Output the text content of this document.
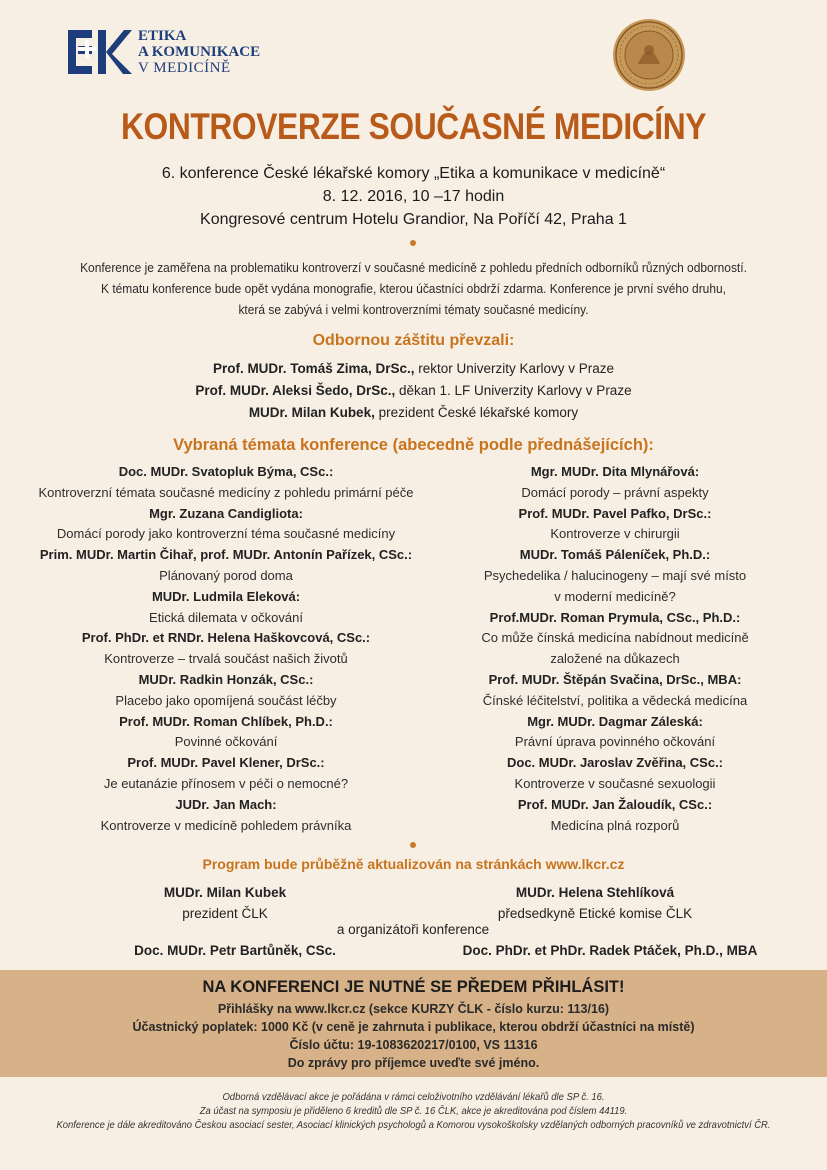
ETIKA
A KOMUNIKACE
V MEDICÍNĚ
KONTROVERZE SOUČASNÉ MEDICÍNY
6. konference České lékařské komory „Etika a komunikace v medicíně“
8. 12. 2016, 10 –17 hodin
Kongresové centrum Hotelu Grandior, Na Poříčí 42, Praha 1
Konference je zaměřena na problematiku kontroverzí v současné medicíně z pohledu předních odborníků různých odborností.
K tématu konference bude opět vydána monografie, kterou účastníci obdrží zdarma. Konference je první svého druhu,
která se zabývá i velmi kontroverzními tématy současné medicíny.
Odbornou záštitu převzali:
Prof. MUDr. Tomáš Zima, DrSc., rektor Univerzity Karlovy v Praze
Prof. MUDr. Aleksi Šedo, DrSc., děkan 1. LF Univerzity Karlovy v Praze
MUDr. Milan Kubek, prezident České lékařské komory
Vybraná témata konference (abecedně podle přednášejících):
Doc. MUDr. Svatopluk Býma, CSc.:
Kontroverzní témata současné medicíny z pohledu primární péče
Mgr. Zuzana Candigliota:
Domácí porody jako kontroverzní téma současné medicíny
Prim. MUDr. Martin Čihař, prof. MUDr. Antonín Pařízek, CSc.:
Plánovaný porod doma
MUDr. Ludmila Eleková:
Etická dilemata v očkování
Prof. PhDr. et RNDr. Helena Haškovcová, CSc.:
Kontroverze – trvalá součást našich životů
MUDr. Radkin Honzák, CSc.:
Placebo jako opomíjená součást léčby
Prof. MUDr. Roman Chlíbek, Ph.D.:
Povinné očkování
Prof. MUDr. Pavel Klener, DrSc.:
Je eutanázie přínosem v péči o nemocné?
JUDr. Jan Mach:
Kontroverze v medicíně pohledem právníka
Mgr. MUDr. Dita Mlynářová:
Domácí porody – právní aspekty
Prof. MUDr. Pavel Pafko, DrSc.:
Kontroverze v chirurgii
MUDr. Tomáš Páleníček, Ph.D.:
Psychedelika / halucinogeny – mají své místo
v moderní medicíně?
Prof.MUDr. Roman Prymula, CSc., Ph.D.:
Co může čínská medicína nabídnout medicíně
založené na důkazech
Prof. MUDr. Štěpán Svačina, DrSc., MBA:
Čínské léčitelství, politika a vědecká medicína
Mgr. MUDr. Dagmar Záleská:
Právní úprava povinného očkování
Doc. MUDr. Jaroslav Zvěřina, CSc.:
Kontroverze v současné sexuologii
Prof. MUDr. Jan Žaloudík, CSc.:
Medicína plná rozporů
Program bude průběžně aktualizován na stránkách www.lkcr.cz
MUDr. Milan Kubek
prezident ČLK
MUDr. Helena Stehlíková
předsedkyně Etické komise ČLK
a organizátoři konference
Doc. MUDr. Petr Bartůněk, CSc.	Doc. PhDr. et PhDr. Radek Ptáček, Ph.D., MBA
NA KONFERENCI JE NUTNÉ SE PŘEDEM PŘIHLÁSIT!
Přihlášky na www.lkcr.cz (sekce KURZY ČLK - číslo kurzu: 113/16)
Účastnický poplatek: 1000 Kč (v ceně je zahrnuta i publikace, kterou obdrží účastníci na místě)
Číslo účtu: 19-1083620217/0100, VS 11316
Do zprávy pro příjemce uveďte své jméno.
Odborná vzdělávací akce je pořádána v rámci celoživotního vzdělávání lékařů dle SP č. 16.
Za účast na symposiu je přiděleno 6 kreditů dle SP č. 16 ČLK, akce je akreditována pod číslem 44119.
Konference je dále akreditováno Českou asociací sester, Asociací klinických psychologů a Komorou vysokoškolsky vzdělaných odborných pracovníků ve zdravotnictví ČR.
